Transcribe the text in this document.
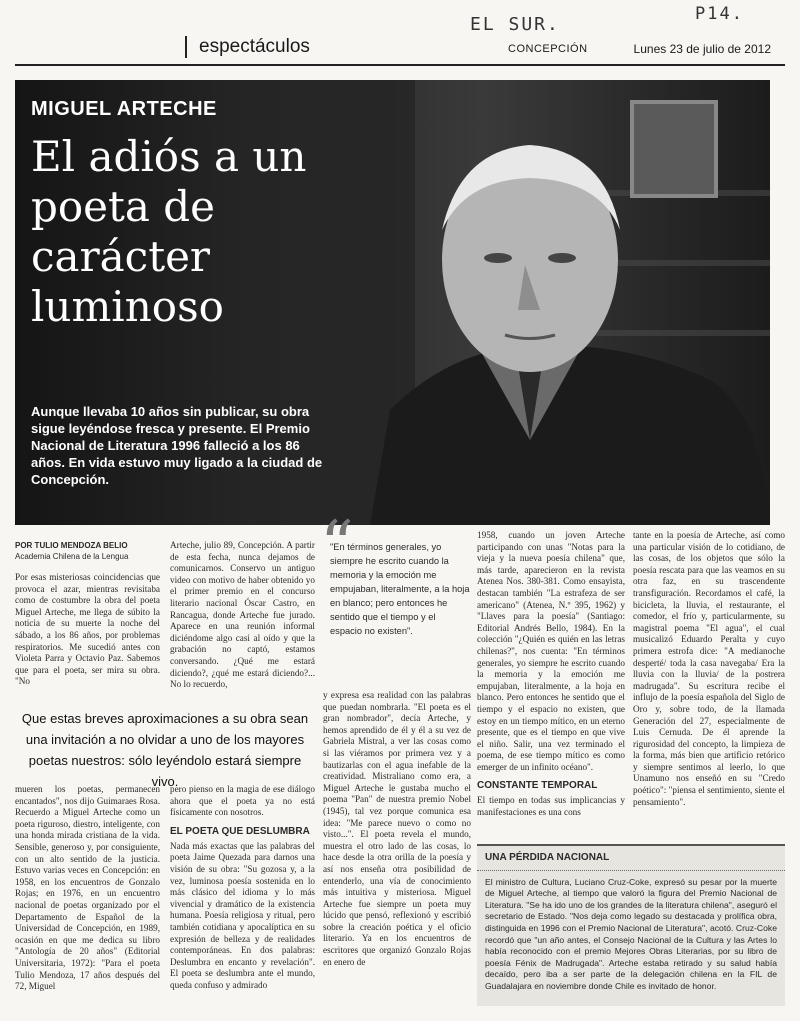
EL SUR.	P14.
espectáculos	CONCEPCIÓN	Lunes 23 de julio de 2012
MIGUEL ARTECHE
El adiós a un poeta de carácter luminoso
Aunque llevaba 10 años sin publicar, su obra sigue leyéndose fresca y presente. El Premio Nacional de Literatura 1996 falleció a los 86 años. En vida estuvo muy ligado a la ciudad de Concepción.
POR TULIO MENDOZA BELIO
Academia Chilena de la Lengua
Por esas misteriosas coincidencias que provoca el azar, mientras revisitaba como de costumbre la obra del poeta Miguel Arteche, me llega de súbito la noticia de su muerte la noche del sábado, a los 86 años, por problemas respiratorios. Me sucedió antes con Violeta Parra y Octavio Paz. Sabemos que para el poeta, ser mira su obra. "No
Arteche, julio 89, Concepción. A partir de esta fecha, nunca dejamos de comunicarnos. Conservo un antiguo video con motivo de haber obtenido yo el primer premio en el concurso literario nacional Óscar Castro, en Rancagua, donde Arteche fue jurado. Aparece en una reunión informal diciéndome algo casi al oído y que la grabación no captó, estamos conversando. ¿Qué me estará diciendo?, ¿qué me estará diciendo?... No lo recuerdo,
Que estas breves aproximaciones a su obra sean una invitación a no olvidar a uno de los mayores poetas nuestros: sólo leyéndolo estará siempre vivo.
mueren los poetas, permanecen encantados", nos dijo Guimaraes Rosa. Recuerdo a Miguel Arteche como un poeta riguroso, diestro, inteligente, con una honda mirada cristiana de la vida. Sensible, generoso y, por consiguiente, con un alto sentido de la justicia. Estuvo varias veces en Concepción: en 1958, en los encuentros de Gonzalo Rojas; en 1976, en un encuentro nacional de poetas organizado por el Departamento de Español de la Universidad de Concepción, en 1989, ocasión en que me dedica su libro "Antología de 20 años" (Editorial Universitaria, 1972): "Para el poeta Tulio Mendoza, 17 años después del 72, Miguel
pero pienso en la magia de ese diálogo ahora que el poeta ya no está físicamente con nosotros.
EL POETA QUE DESLUMBRA
Nada más exactas que las palabras del poeta Jaime Quezada para darnos una visión de su obra: "Su gozosa y, a la vez, luminosa poesía sostenida en lo más clásico del idioma y lo más vivencial y dramático de la existencia humana. Poesía religiosa y ritual, pero también cotidiana y apocalíptica en su expresión de belleza y de realidades contemporáneas. En dos palabras: Deslumbra en encanto y revelación". El poeta se deslumbra ante el mundo, queda confuso y admirado
“
"En términos generales, yo siempre he escrito cuando la memoria y la emoción me empujaban, literalmente, a la hoja en blanco; pero entonces he sentido que el tiempo y el espacio no existen".
y expresa esa realidad con las palabras que puedan nombrarla. "El poeta es el gran nombrador", decía Arteche, y hemos aprendido de él y él a su vez de Gabriela Mistral, a ver las cosas como si las viéramos por primera vez y a bautizarlas con el agua inefable de la creatividad. Mistraliano como era, a Miguel Arteche le gustaba mucho el poema "Pan" de nuestra premio Nobel (1945), tal vez porque comunica esa idea: "Me parece nuevo o como no visto...". El poeta revela el mundo, muestra el otro lado de las cosas, lo hace desde la otra orilla de la poesía y así nos enseña otra posibilidad de entenderlo, una vía de conocimiento más intuitiva y misteriosa. Miguel Arteche fue siempre un poeta muy lúcido que pensó, reflexionó y escribió sobre la creación poética y el oficio literario. Ya en los encuentros de escritores que organizó Gonzalo Rojas en enero de
1958, cuando un joven Arteche participando con unas "Notas para la vieja y la nueva poesía chilena" que, más tarde, aparecieron en la revista Atenea Nos. 380-381. Como ensayista, destacan también "La estrafeza de ser americano" (Atenea, N.º 395, 1962) y "Llaves para la poesía" (Santiago: Editorial Andrés Bello, 1984). En la colección "¿Quién es quién en las letras chilenas?", nos cuenta: "En términos generales, yo siempre he escrito cuando la memoria y la emoción me empujaban, literalmente, a la hoja en blanco. Pero entonces he sentido que el tiempo y el espacio no existen, que estoy en un tiempo mítico, en un eterno presente, que es el tiempo en que vive el niño. Salir, una vez terminado el poema, de ese tiempo mítico es como emerger de un infinito océano".
CONSTANTE TEMPORAL
El tiempo en todas sus implicancias y manifestaciones es una cons
tante en la poesía de Arteche, así como una particular visión de lo cotidiano, de las cosas, de los objetos que sólo la poesía rescata para que las veamos en su otra faz, en su trascendente transfiguración. Recordamos el café, la bicicleta, la lluvia, el restaurante, el comedor, el frío y, particularmente, su magistral poema "El agua", el cual musicalizó Eduardo Peralta y cuyo primera estrofa dice: "A medianoche desperté/ toda la casa navegaba/ Era la lluvia con la lluvia/ de la postrera madrugada". Su escritura recibe el influjo de la poesía española del Siglo de Oro y, sobre todo, de la llamada Generación del 27, especialmente de Luis Cernuda. De él aprende la rigurosidad del concepto, la limpieza de la forma, más bien que artificio retórico y siempre sentimos al leerlo, lo que Unamuno nos enseñó en su "Credo poético": "piensa el sentimiento, siente el pensamiento".
UNA PÉRDIDA NACIONAL
El ministro de Cultura, Luciano Cruz-Coke, expresó su pesar por la muerte de Miguel Arteche, al tiempo que valoró la figura del Premio Nacional de Literatura. "Se ha ido uno de los grandes de la literatura chilena", aseguró el secretario de Estado. "Nos deja como legado su destacada y prolífica obra, distinguida en 1996 con el Premio Nacional de Literatura", acotó. Cruz-Coke recordó que "un año antes, el Consejo Nacional de la Cultura y las Artes lo había reconocido con el premio Mejores Obras Literarias, por su libro de poesía Fénix de Madrugada". Arteche estaba retirado y su salud había decaído, pero iba a ser parte de la delegación chilena en la FIL de Guadalajara en noviembre donde Chile es invitado de honor.
